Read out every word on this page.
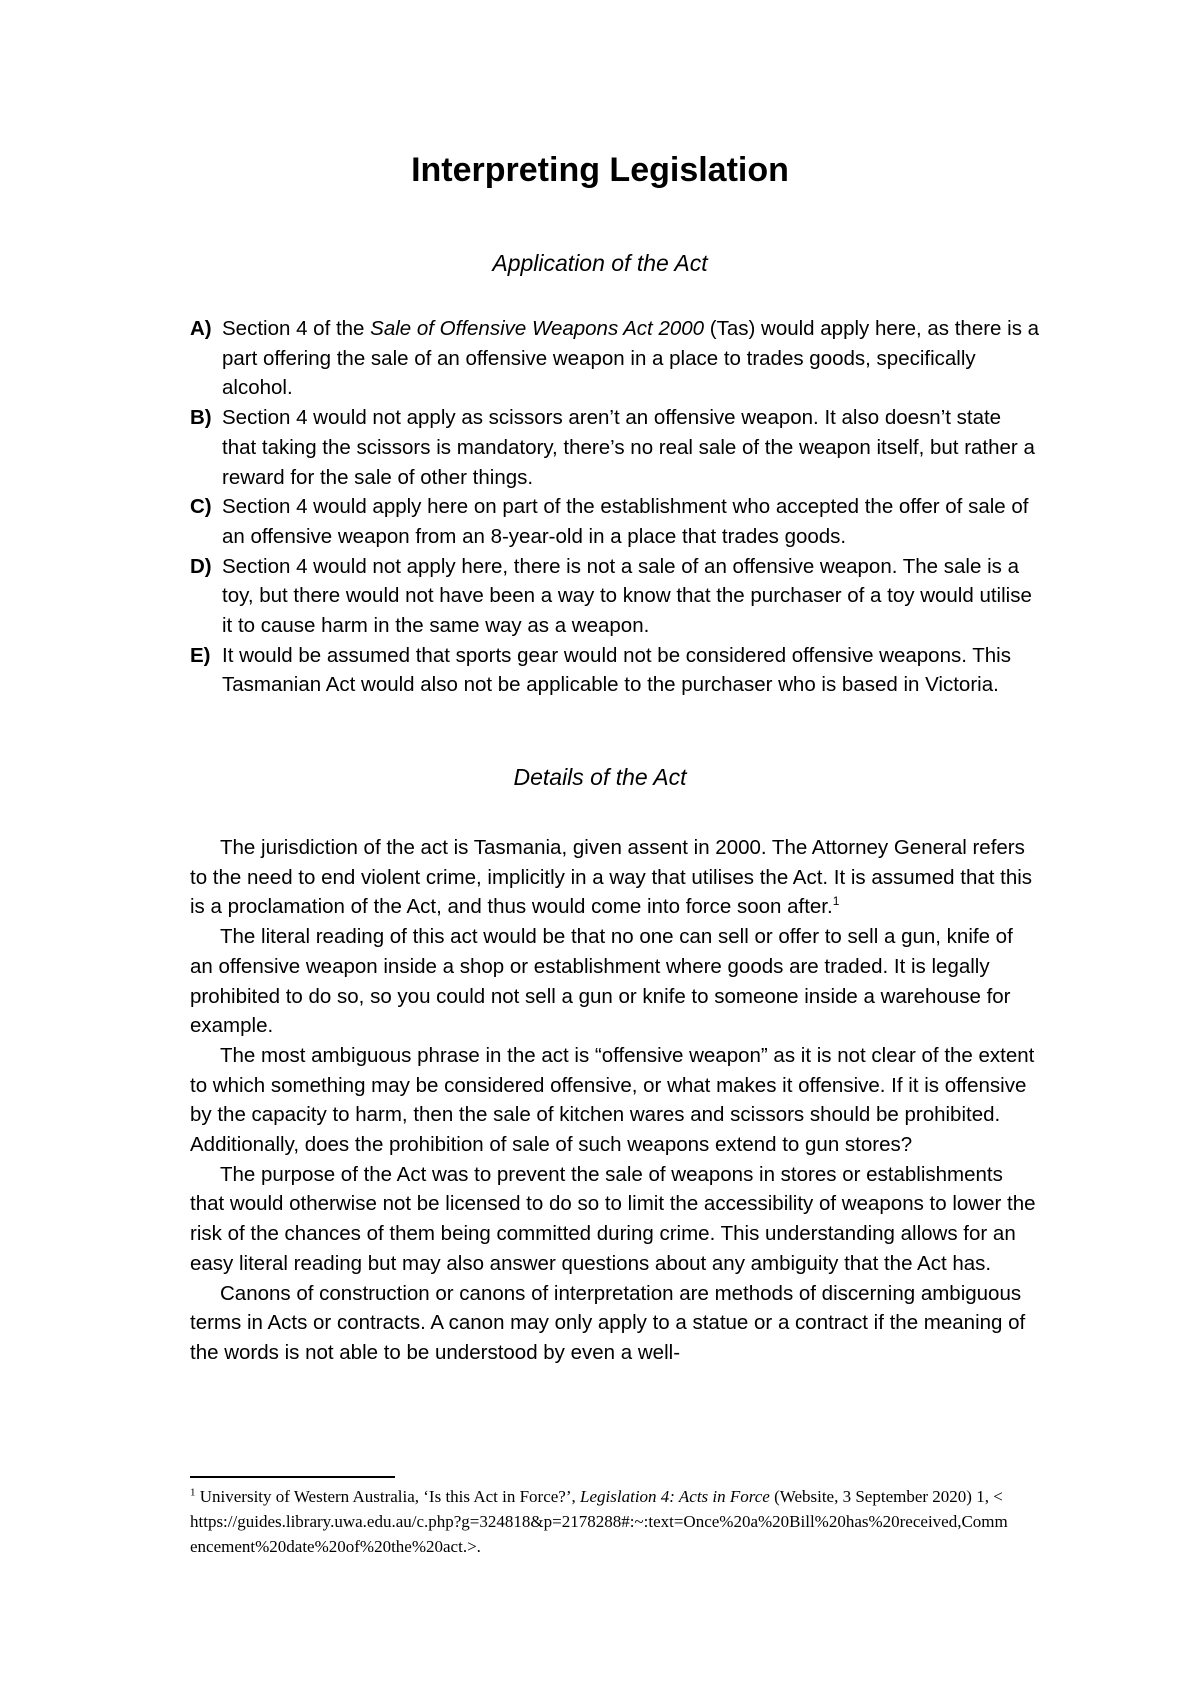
Interpreting Legislation
Application of the Act
A) Section 4 of the Sale of Offensive Weapons Act 2000 (Tas) would apply here, as there is a part offering the sale of an offensive weapon in a place to trades goods, specifically alcohol.
B) Section 4 would not apply as scissors aren’t an offensive weapon. It also doesn’t state that taking the scissors is mandatory, there’s no real sale of the weapon itself, but rather a reward for the sale of other things.
C) Section 4 would apply here on part of the establishment who accepted the offer of sale of an offensive weapon from an 8-year-old in a place that trades goods.
D) Section 4 would not apply here, there is not a sale of an offensive weapon. The sale is a toy, but there would not have been a way to know that the purchaser of a toy would utilise it to cause harm in the same way as a weapon.
E) It would be assumed that sports gear would not be considered offensive weapons. This Tasmanian Act would also not be applicable to the purchaser who is based in Victoria.
Details of the Act

The jurisdiction of the act is Tasmania, given assent in 2000. The Attorney General refers to the need to end violent crime, implicitly in a way that utilises the Act. It is assumed that this is a proclamation of the Act, and thus would come into force soon after.$^1$

The literal reading of this act would be that no one can sell or offer to sell a gun, knife of an offensive weapon inside a shop or establishment where goods are traded. It is legally prohibited to do so, so you could not sell a gun or knife to someone inside a warehouse for example.

The most ambiguous phrase in the act is “offensive weapon” as it is not clear of the extent to which something may be considered offensive, or what makes it offensive. If it is offensive by the capacity to harm, then the sale of kitchen wares and scissors should be prohibited. Additionally, does the prohibition of sale of such weapons extend to gun stores?

The purpose of the Act was to prevent the sale of weapons in stores or establishments that would otherwise not be licensed to do so to limit the accessibility of weapons to lower the risk of the chances of them being committed during crime. This understanding allows for an easy literal reading but may also answer questions about any ambiguity that the Act has.

Canons of construction or canons of interpretation are methods of discerning ambiguous terms in Acts or contracts. A canon may only apply to a statue or a contract if the meaning of the words is not able to be understood by even a well-

$^1$ University of Western Australia, ‘Is this Act in Force?’, Legislation 4: Acts in Force (Website, 3 September 2020) 1, <https://guides.library.uwa.edu.au/c.php?g=324818&p=2178288#:~:text=Once%20a%20Bill%20has%20received,Commencement%20date%20of%20the%20act.>.
